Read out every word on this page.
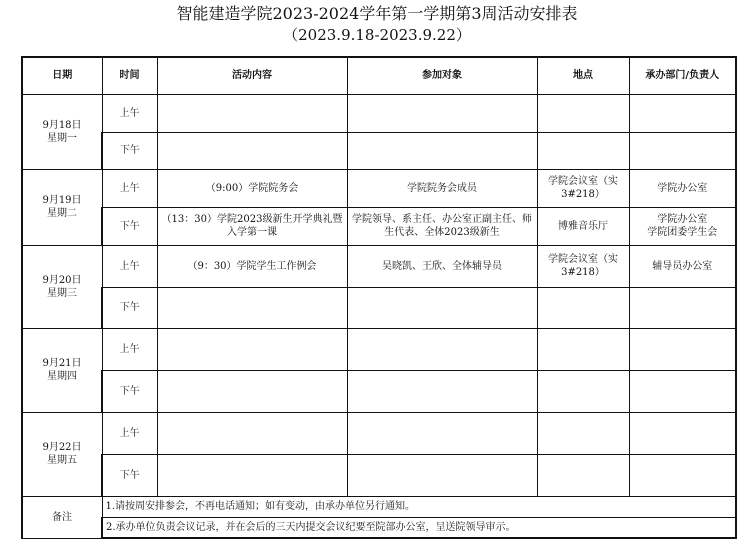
智能建造学院2023-2024学年第一学期第3周活动安排表
（2023.9.18-2023.9.22）
日期	时间	活动内容	参加对象	地点	承办部门/负责人

9月18日
星期一	上午				
	下午				

9月19日
星期二	上午	（9:00）学院院务会	学院院务会成员	学院会议室（实3#218）	学院办公室
	下午	（13：30）学院2023级新生开学典礼暨入学第一课	学院领导、系主任、办公室正副主任、师生代表、全体2023级新生	博雅音乐厅	学院办公室
学院团委学生会

9月20日
星期三	上午	（9：30）学院学生工作例会	吴晓凯、王欣、全体辅导员	学院会议室（实3#218）	辅导员办公室
	下午				

9月21日
星期四	上午				
	下午				

9月22日
星期五	上午				
	下午				
备注	1.请按周安排参会，不再电话通知；如有变动，由承办单位另行通知。				
	2.承办单位负责会议记录，并在会后的三天内提交会议纪要至院部办公室，呈送院领导审示。				
